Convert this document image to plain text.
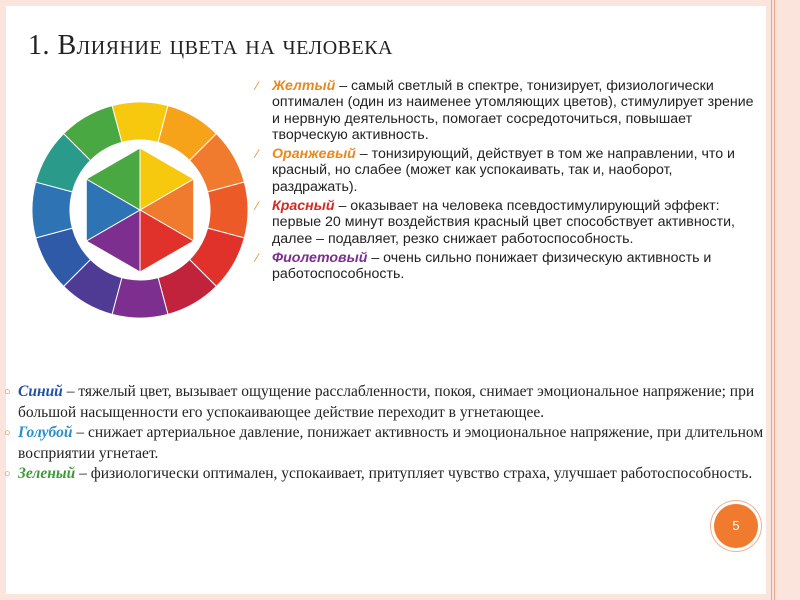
1. Влияние цвета на человека
⁄ Желтый – самый светлый в спектре, тонизирует, физиологически оптимален (один из наименее утомляющих цветов), стимулирует зрение и нервную деятельность, помогает сосредоточиться, повышает творческую активность.
⁄ Оранжевый – тонизирующий, действует в том же направлении, что и красный, но слабее (может как успокаивать, так и, наоборот, раздражать).
⁄ Красный – оказывает на человека псевдостимулирующий эффект: первые 20 минут воздействия красный цвет способствует активности, далее – подавляет, резко снижает работоспособность.
⁄ Фиолетовый – очень сильно понижает физическую активность и работоспособность.
○ Синий – тяжелый цвет, вызывает ощущение расслабленности, покоя, снимает эмоциональное напряжение; при большой насыщенности его успокаивающее действие переходит в угнетающее.
○ Голубой – снижает артериальное давление, понижает активность и эмоциональное напряжение, при длительном восприятии угнетает.
○ Зеленый – физиологически оптимален, успокаивает, притупляет чувство страха, улучшает работоспособность.
5
